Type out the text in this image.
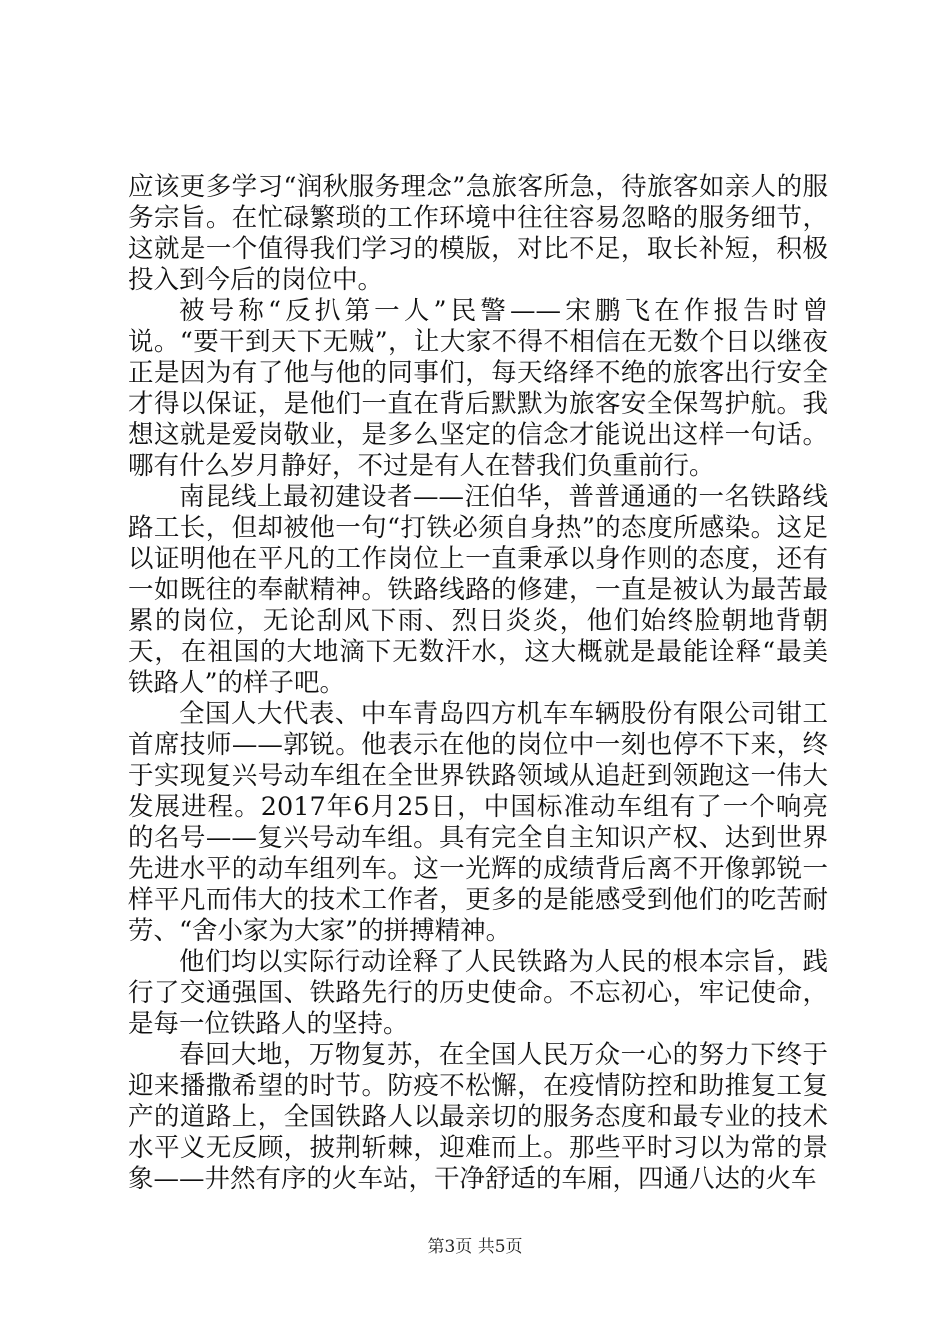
应该更多学习“润秋服务理念”急旅客所急，待旅客如亲人的服务宗旨。在忙碌繁琐的工作环境中往往容易忽略的服务细节，这就是一个值得我们学习的模版，对比不足，取长补短，积极投入到今后的岗位中。

被号称“反扒第一人”民警——宋鹏飞在作报告时曾说。“要干到天下无贼”，让大家不得不相信在无数个日以继夜正是因为有了他与他的同事们，每天络绎不绝的旅客出行安全才得以保证，是他们一直在背后默默为旅客安全保驾护航。我想这就是爱岗敬业，是多么坚定的信念才能说出这样一句话。哪有什么岁月静好，不过是有人在替我们负重前行。

南昆线上最初建设者——汪伯华，普普通通的一名铁路线路工长，但却被他一句“打铁必须自身热”的态度所感染。这足以证明他在平凡的工作岗位上一直秉承以身作则的态度，还有一如既往的奉献精神。铁路线路的修建，一直是被认为最苦最累的岗位，无论刮风下雨、烈日炎炎，他们始终脸朝地背朝天，在祖国的大地滴下无数汗水，这大概就是最能诠释“最美铁路人”的样子吧。

全国人大代表、中车青岛四方机车车辆股份有限公司钳工首席技师——郭锐。他表示在他的岗位中一刻也停不下来，终于实现复兴号动车组在全世界铁路领域从追赶到领跑这一伟大发展进程。2017年6月25日，中国标准动车组有了一个响亮的名号——复兴号动车组。具有完全自主知识产权、达到世界先进水平的动车组列车。这一光辉的成绩背后离不开像郭锐一样平凡而伟大的技术工作者，更多的是能感受到他们的吃苦耐劳、“舍小家为大家”的拼搏精神。

他们均以实际行动诠释了人民铁路为人民的根本宗旨，践行了交通强国、铁路先行的历史使命。不忘初心，牢记使命，是每一位铁路人的坚持。

春回大地，万物复苏，在全国人民万众一心的努力下终于迎来播撒希望的时节。防疫不松懈，在疫情防控和助推复工复产的道路上，全国铁路人以最亲切的服务态度和最专业的技术水平义无反顾，披荆斩棘，迎难而上。那些平时习以为常的景象——井然有序的火车站，干净舒适的车厢，四通八达的火车

第3页 共5页
